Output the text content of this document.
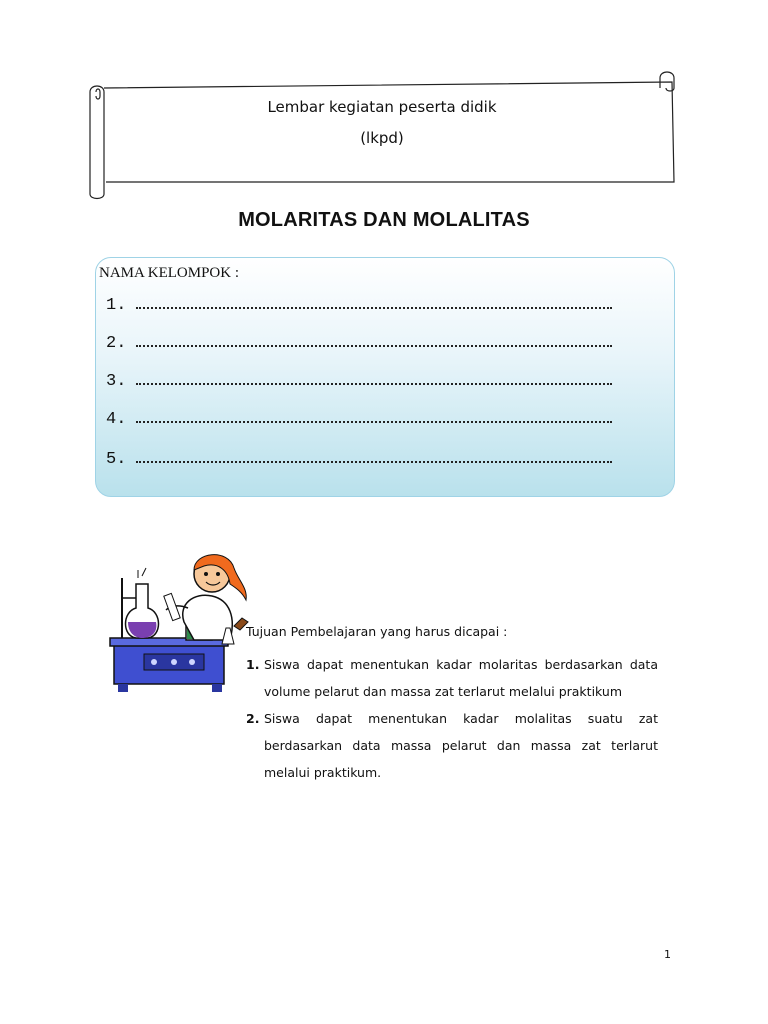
Lembar kegiatan peserta didik
(lkpd)
MOLARITAS DAN MOLALITAS
NAMA KELOMPOK :
1.
2.
3.
4.
5.
Tujuan Pembelajaran yang harus dicapai :
1. Siswa dapat menentukan kadar molaritas berdasarkan data volume pelarut dan massa zat terlarut melalui praktikum
2. Siswa dapat menentukan kadar molalitas suatu zat berdasarkan data massa pelarut dan massa zat terlarut melalui praktikum.
1
